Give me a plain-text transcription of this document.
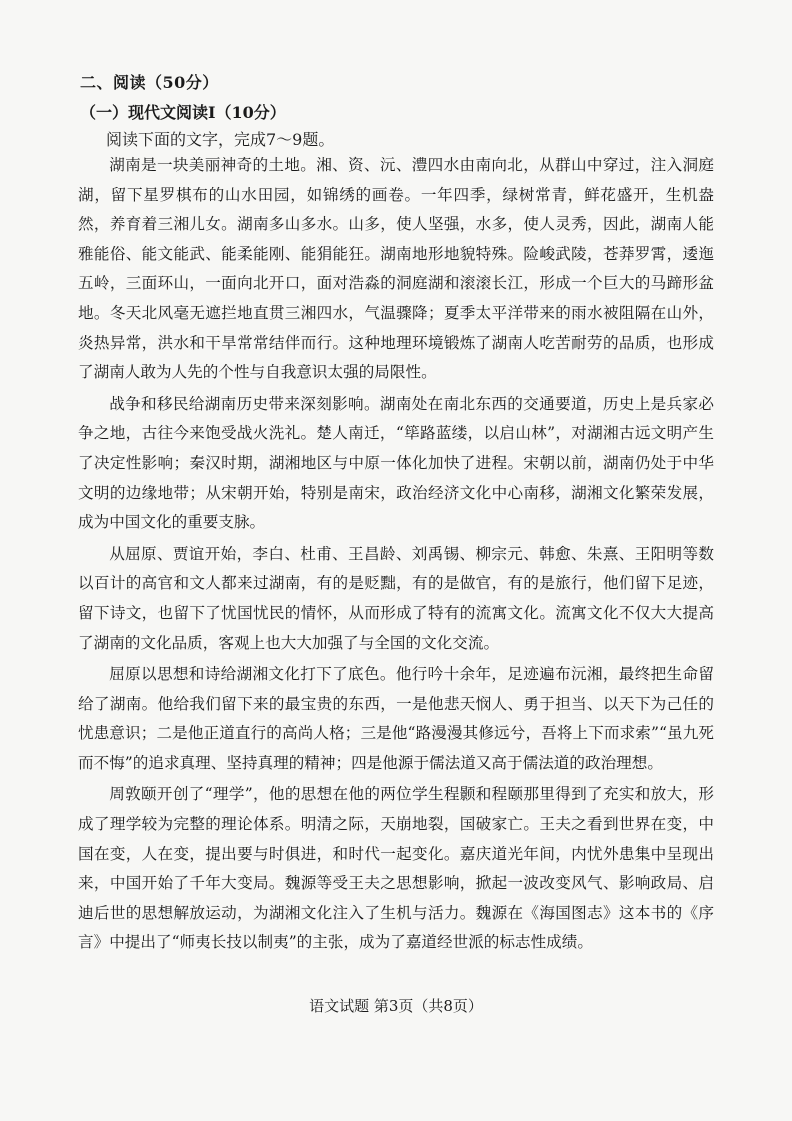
二、阅读（50分）
（一）现代文阅读Ⅰ（10分）
阅读下面的文字，完成7～9题。

湖南是一块美丽神奇的土地。湘、资、沅、澧四水由南向北，从群山中穿过，注入洞庭湖，留下星罗棋布的山水田园，如锦绣的画卷。一年四季，绿树常青，鲜花盛开，生机盎然，养育着三湘儿女。湖南多山多水。山多，使人坚强，水多，使人灵秀，因此，湖南人能雅能俗、能文能武、能柔能刚、能狷能狂。湖南地形地貌特殊。险峻武陵，苍莽罗霄，逶迤五岭，三面环山，一面向北开口，面对浩淼的洞庭湖和滚滚长江，形成一个巨大的马蹄形盆地。冬天北风毫无遮拦地直贯三湘四水，气温骤降；夏季太平洋带来的雨水被阻隔在山外，炎热异常，洪水和干旱常常结伴而行。这种地理环境锻炼了湖南人吃苦耐劳的品质，也形成了湖南人敢为人先的个性与自我意识太强的局限性。

战争和移民给湖南历史带来深刻影响。湖南处在南北东西的交通要道，历史上是兵家必争之地，古往今来饱受战火洗礼。楚人南迁，“筚路蓝缕，以启山林”，对湖湘古远文明产生了决定性影响；秦汉时期，湖湘地区与中原一体化加快了进程。宋朝以前，湖南仍处于中华文明的边缘地带；从宋朝开始，特别是南宋，政治经济文化中心南移，湖湘文化繁荣发展，成为中国文化的重要支脉。

从屈原、贾谊开始，李白、杜甫、王昌龄、刘禹锡、柳宗元、韩愈、朱熹、王阳明等数以百计的高官和文人都来过湖南，有的是贬黜，有的是做官，有的是旅行，他们留下足迹，留下诗文，也留下了忧国忧民的情怀，从而形成了特有的流寓文化。流寓文化不仅大大提高了湖南的文化品质，客观上也大大加强了与全国的文化交流。

屈原以思想和诗给湖湘文化打下了底色。他行吟十余年，足迹遍布沅湘，最终把生命留给了湖南。他给我们留下来的最宝贵的东西，一是他悲天悯人、勇于担当、以天下为己任的忧患意识；二是他正道直行的高尚人格；三是他“路漫漫其修远兮，吾将上下而求索”“虽九死而不悔”的追求真理、坚持真理的精神；四是他源于儒法道又高于儒法道的政治理想。

周敦颐开创了“理学”，他的思想在他的两位学生程颢和程颐那里得到了充实和放大，形成了理学较为完整的理论体系。明清之际，天崩地裂，国破家亡。王夫之看到世界在变，中国在变，人在变，提出要与时俱进，和时代一起变化。嘉庆道光年间，内忧外患集中呈现出来，中国开始了千年大变局。魏源等受王夫之思想影响，掀起一波改变风气、影响政局、启迪后世的思想解放运动，为湖湘文化注入了生机与活力。魏源在《海国图志》这本书的《序言》中提出了“师夷长技以制夷”的主张，成为了嘉道经世派的标志性成绩。

语文试题 第3页（共8页）
